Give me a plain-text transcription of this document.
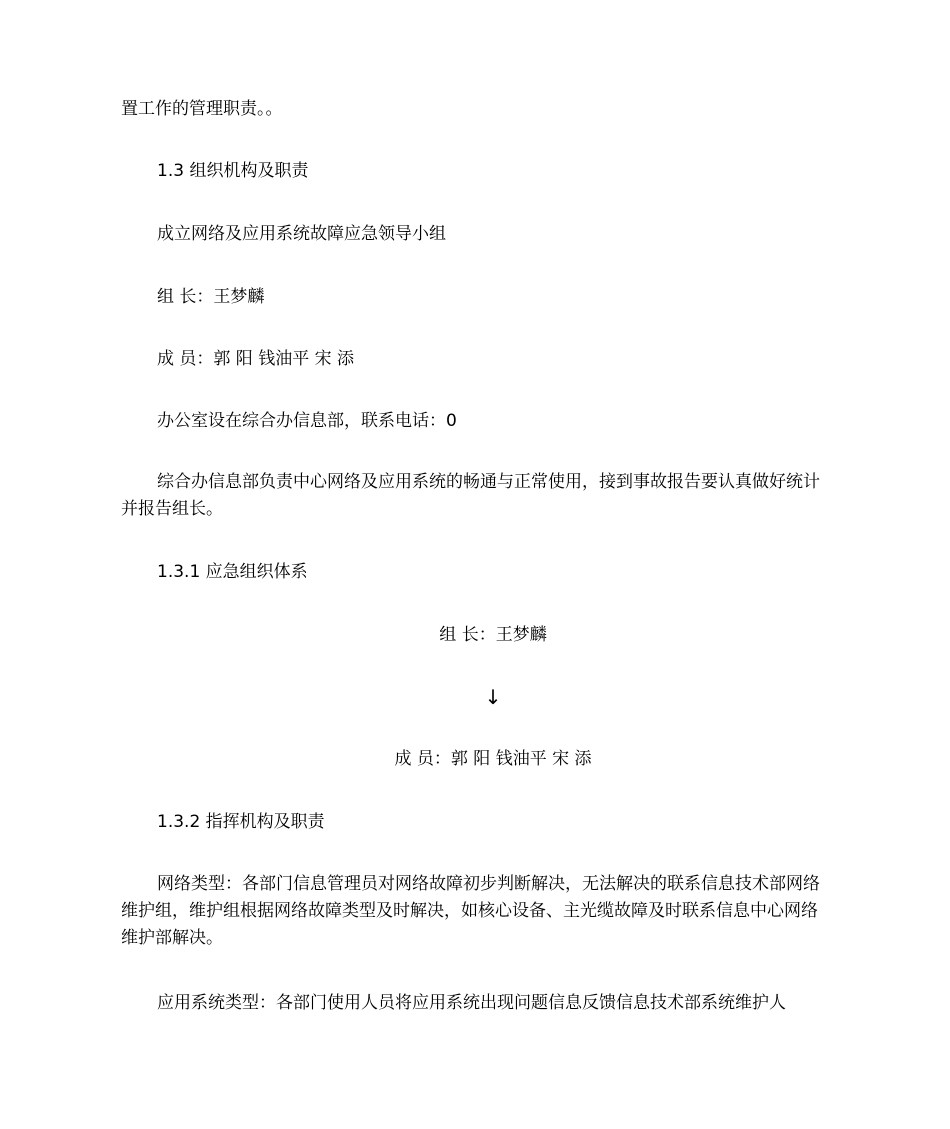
置工作的管理职责。。

1.3 组织机构及职责

成立网络及应用系统故障应急领导小组

组 长：王梦麟

成 员：郭 阳 钱油平 宋 添

办公室设在综合办信息部，联系电话：0

综合办信息部负责中心网络及应用系统的畅通与正常使用，接到事故报告要认真做好统计并报告组长。

1.3.1 应急组织体系

组 长：王梦麟

↓

成 员：郭 阳 钱油平 宋 添

1.3.2 指挥机构及职责

网络类型：各部门信息管理员对网络故障初步判断解决，无法解决的联系信息技术部网络维护组，维护组根据网络故障类型及时解决，如核心设备、主光缆故障及时联系信息中心网络维护部解决。

应用系统类型：各部门使用人员将应用系统出现问题信息反馈信息技术部系统维护人
